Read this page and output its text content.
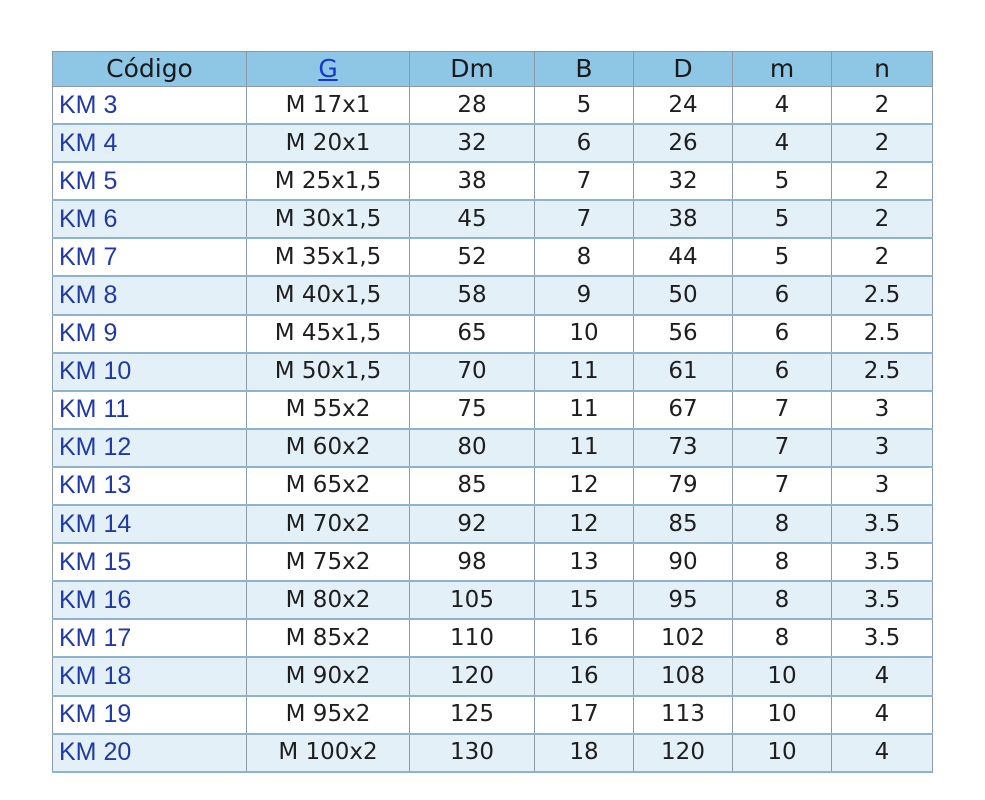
Código	G	Dm	B	D	m	n
KM 3	M 17x1	28	5	24	4	2
KM 4	M 20x1	32	6	26	4	2
KM 5	M 25x1,5	38	7	32	5	2
KM 6	M 30x1,5	45	7	38	5	2
KM 7	M 35x1,5	52	8	44	5	2
KM 8	M 40x1,5	58	9	50	6	2.5
KM 9	M 45x1,5	65	10	56	6	2.5
KM 10	M 50x1,5	70	11	61	6	2.5
KM 11	M 55x2	75	11	67	7	3
KM 12	M 60x2	80	11	73	7	3
KM 13	M 65x2	85	12	79	7	3
KM 14	M 70x2	92	12	85	8	3.5
KM 15	M 75x2	98	13	90	8	3.5
KM 16	M 80x2	105	15	95	8	3.5
KM 17	M 85x2	110	16	102	8	3.5
KM 18	M 90x2	120	16	108	10	4
KM 19	M 95x2	125	17	113	10	4
KM 20	M 100x2	130	18	120	10	4
